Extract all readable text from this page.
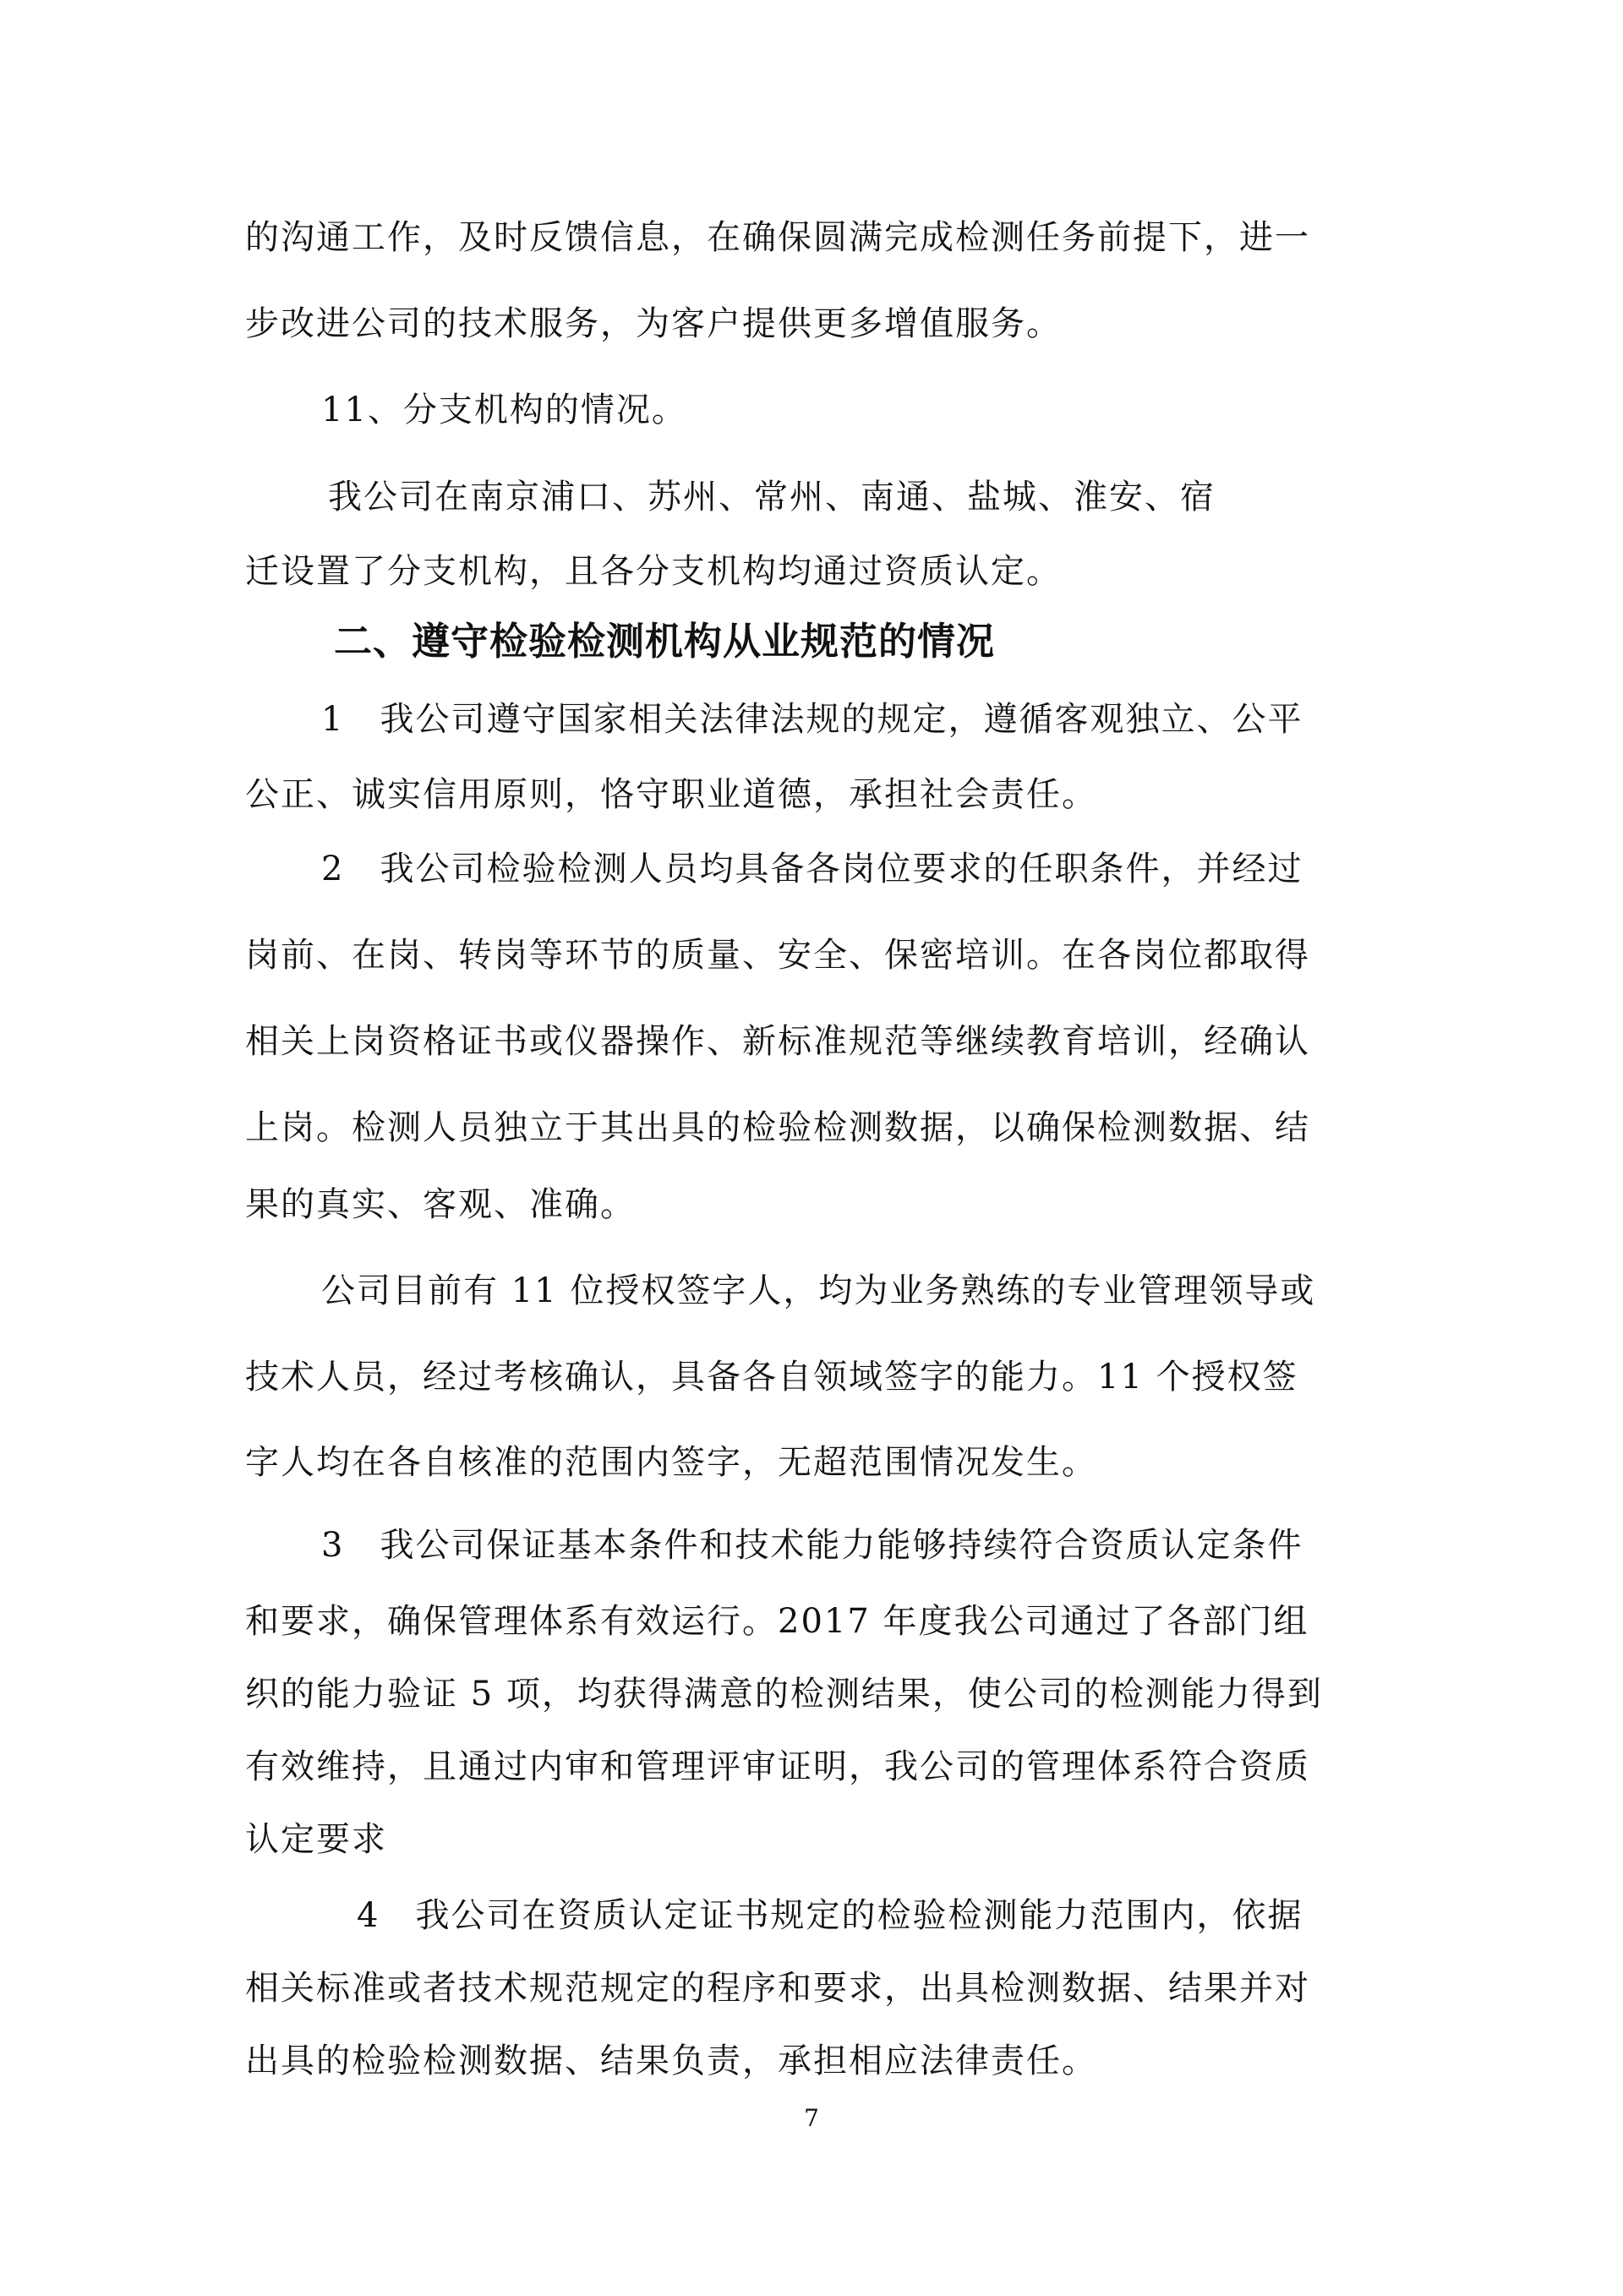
的沟通工作，及时反馈信息，在确保圆满完成检测任务前提下，进一
步改进公司的技术服务，为客户提供更多增值服务。
11、分支机构的情况。
我公司在南京浦口、苏州、常州、南通、盐城、淮安、宿
迁设置了分支机构，且各分支机构均通过资质认定。
二、遵守检验检测机构从业规范的情况
1　我公司遵守国家相关法律法规的规定，遵循客观独立、公平
公正、诚实信用原则，恪守职业道德，承担社会责任。
2　我公司检验检测人员均具备各岗位要求的任职条件，并经过
岗前、在岗、转岗等环节的质量、安全、保密培训。在各岗位都取得
相关上岗资格证书或仪器操作、新标准规范等继续教育培训，经确认
上岗。检测人员独立于其出具的检验检测数据，以确保检测数据、结
果的真实、客观、准确。
公司目前有 11 位授权签字人，均为业务熟练的专业管理领导或
技术人员，经过考核确认，具备各自领域签字的能力。11 个授权签
字人均在各自核准的范围内签字，无超范围情况发生。
3　我公司保证基本条件和技术能力能够持续符合资质认定条件
和要求，确保管理体系有效运行。2017 年度我公司通过了各部门组
织的能力验证 5 项，均获得满意的检测结果，使公司的检测能力得到
有效维持，且通过内审和管理评审证明，我公司的管理体系符合资质
认定要求
4　我公司在资质认定证书规定的检验检测能力范围内，依据
相关标准或者技术规范规定的程序和要求，出具检测数据、结果并对
出具的检验检测数据、结果负责，承担相应法律责任。
7
